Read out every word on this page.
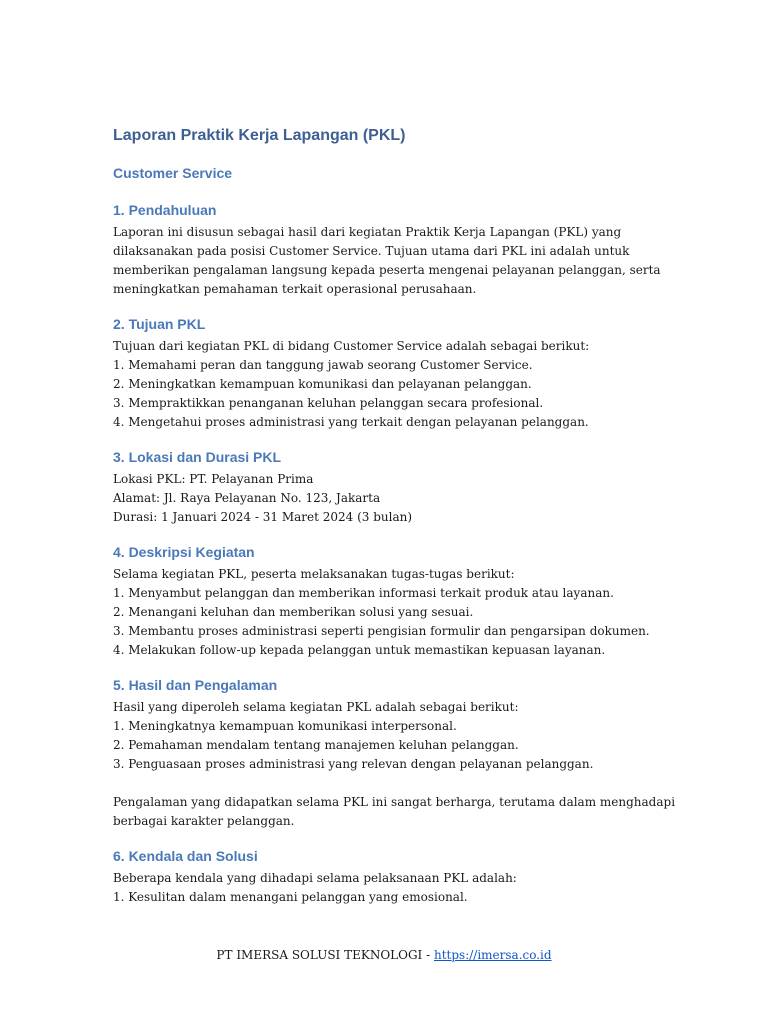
Laporan Praktik Kerja Lapangan (PKL)
Customer Service
1. Pendahuluan

Laporan ini disusun sebagai hasil dari kegiatan Praktik Kerja Lapangan (PKL) yang

dilaksanakan pada posisi Customer Service. Tujuan utama dari PKL ini adalah untuk

memberikan pengalaman langsung kepada peserta mengenai pelayanan pelanggan, serta

meningkatkan pemahaman terkait operasional perusahaan.

2. Tujuan PKL

Tujuan dari kegiatan PKL di bidang Customer Service adalah sebagai berikut:

1. Memahami peran dan tanggung jawab seorang Customer Service.

2. Meningkatkan kemampuan komunikasi dan pelayanan pelanggan.

3. Mempraktikkan penanganan keluhan pelanggan secara profesional.

4. Mengetahui proses administrasi yang terkait dengan pelayanan pelanggan.

3. Lokasi dan Durasi PKL

Lokasi PKL: PT. Pelayanan Prima

Alamat: Jl. Raya Pelayanan No. 123, Jakarta

Durasi: 1 Januari 2024 - 31 Maret 2024 (3 bulan)

4. Deskripsi Kegiatan

Selama kegiatan PKL, peserta melaksanakan tugas-tugas berikut:

1. Menyambut pelanggan dan memberikan informasi terkait produk atau layanan.

2. Menangani keluhan dan memberikan solusi yang sesuai.

3. Membantu proses administrasi seperti pengisian formulir dan pengarsipan dokumen.

4. Melakukan follow-up kepada pelanggan untuk memastikan kepuasan layanan.

5. Hasil dan Pengalaman

Hasil yang diperoleh selama kegiatan PKL adalah sebagai berikut:

1. Meningkatnya kemampuan komunikasi interpersonal.

2. Pemahaman mendalam tentang manajemen keluhan pelanggan.

3. Penguasaan proses administrasi yang relevan dengan pelayanan pelanggan.

Pengalaman yang didapatkan selama PKL ini sangat berharga, terutama dalam menghadapi

berbagai karakter pelanggan.

6. Kendala dan Solusi

Beberapa kendala yang dihadapi selama pelaksanaan PKL adalah:

1. Kesulitan dalam menangani pelanggan yang emosional.

PT IMERSA SOLUSI TEKNOLOGI - https://imersa.co.id
